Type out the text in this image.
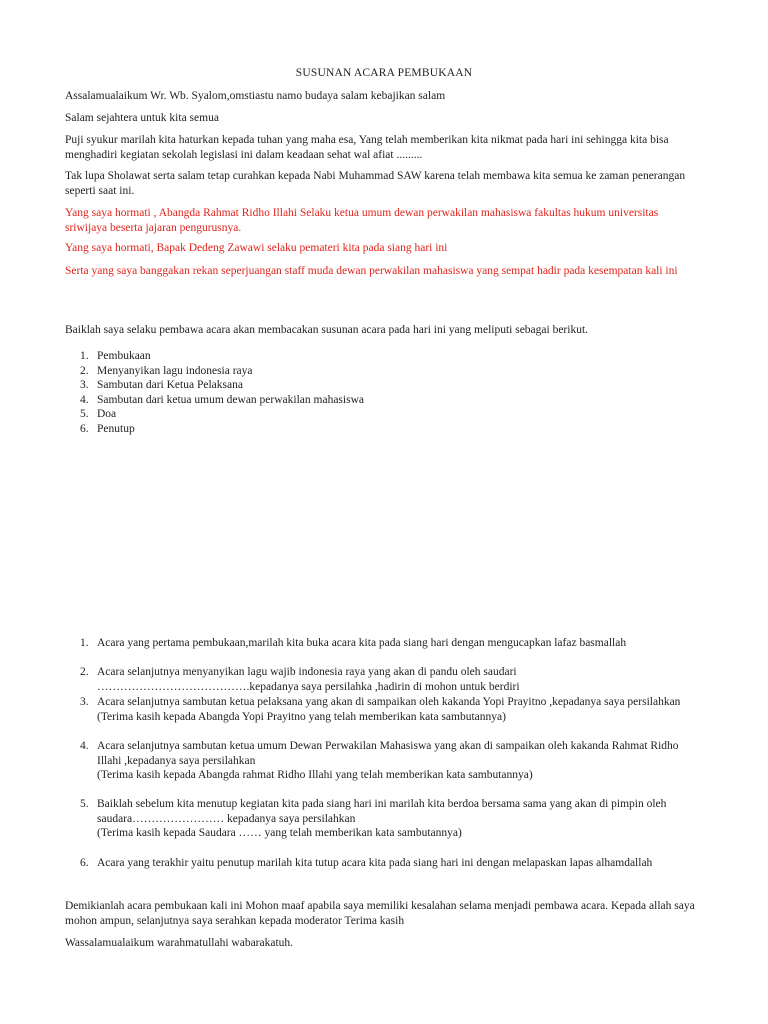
SUSUNAN ACARA PEMBUKAAN

Assalamualaikum Wr. Wb. Syalom,omstiastu namo budaya salam kebajikan salam

Salam sejahtera untuk kita semua

Puji syukur marilah kita haturkan kepada tuhan yang maha esa, Yang telah memberikan kita nikmat pada hari ini sehingga kita bisa menghadiri kegiatan sekolah legislasi ini dalam keadaan sehat wal afiat .........

Tak lupa Sholawat serta salam tetap curahkan kepada Nabi Muhammad SAW karena telah membawa kita semua ke zaman penerangan seperti saat ini.

Yang saya hormati , Abangda Rahmat Ridho Illahi Selaku ketua umum dewan perwakilan mahasiswa fakultas hukum universitas sriwijaya beserta jajaran pengurusnya.

Yang saya hormati, Bapak Dedeng Zawawi selaku pemateri kita pada siang hari ini

Serta yang saya banggakan rekan seperjuangan staff muda dewan perwakilan mahasiswa yang sempat hadir pada kesempatan kali ini

Baiklah saya selaku pembawa acara akan membacakan susunan acara pada hari ini yang meliputi sebagai berikut.

1. Pembukaan
2. Menyanyikan lagu indonesia raya
3. Sambutan dari Ketua Pelaksana
4. Sambutan dari ketua umum dewan perwakilan mahasiswa
5. Doa
6. Penutup
1. Acara yang pertama pembukaan,marilah kita buka acara kita pada siang hari dengan mengucapkan lafaz basmallah
2. Acara selanjutnya menyanyikan lagu wajib indonesia raya yang akan di pandu oleh saudari
………………………………….kepadanya saya persilahka ,hadirin di mohon untuk berdiri
3. Acara selanjutnya sambutan ketua pelaksana yang akan di sampaikan oleh kakanda Yopi Prayitno ,kepadanya saya persilahkan
(Terima kasih kepada Abangda Yopi Prayitno yang telah memberikan kata sambutannya)
4. Acara selanjutnya sambutan ketua umum Dewan Perwakilan Mahasiswa yang akan di sampaikan oleh kakanda Rahmat Ridho Illahi ,kepadanya saya persilahkan
(Terima kasih kepada Abangda rahmat Ridho Illahi yang telah memberikan kata sambutannya)
5. Baiklah sebelum kita menutup kegiatan kita pada siang hari ini marilah kita berdoa bersama sama yang akan di pimpin oleh saudara…………………… kepadanya saya persilahkan
(Terima kasih kepada Saudara …… yang telah memberikan kata sambutannya)
6. Acara yang terakhir yaitu penutup marilah kita tutup acara kita pada siang hari ini dengan melapaskan lapas alhamdallah

Demikianlah acara pembukaan kali ini Mohon maaf apabila saya memiliki kesalahan selama menjadi pembawa acara. Kepada allah saya mohon ampun, selanjutnya saya serahkan kepada moderator Terima kasih

Wassalamualaikum warahmatullahi wabarakatuh.
